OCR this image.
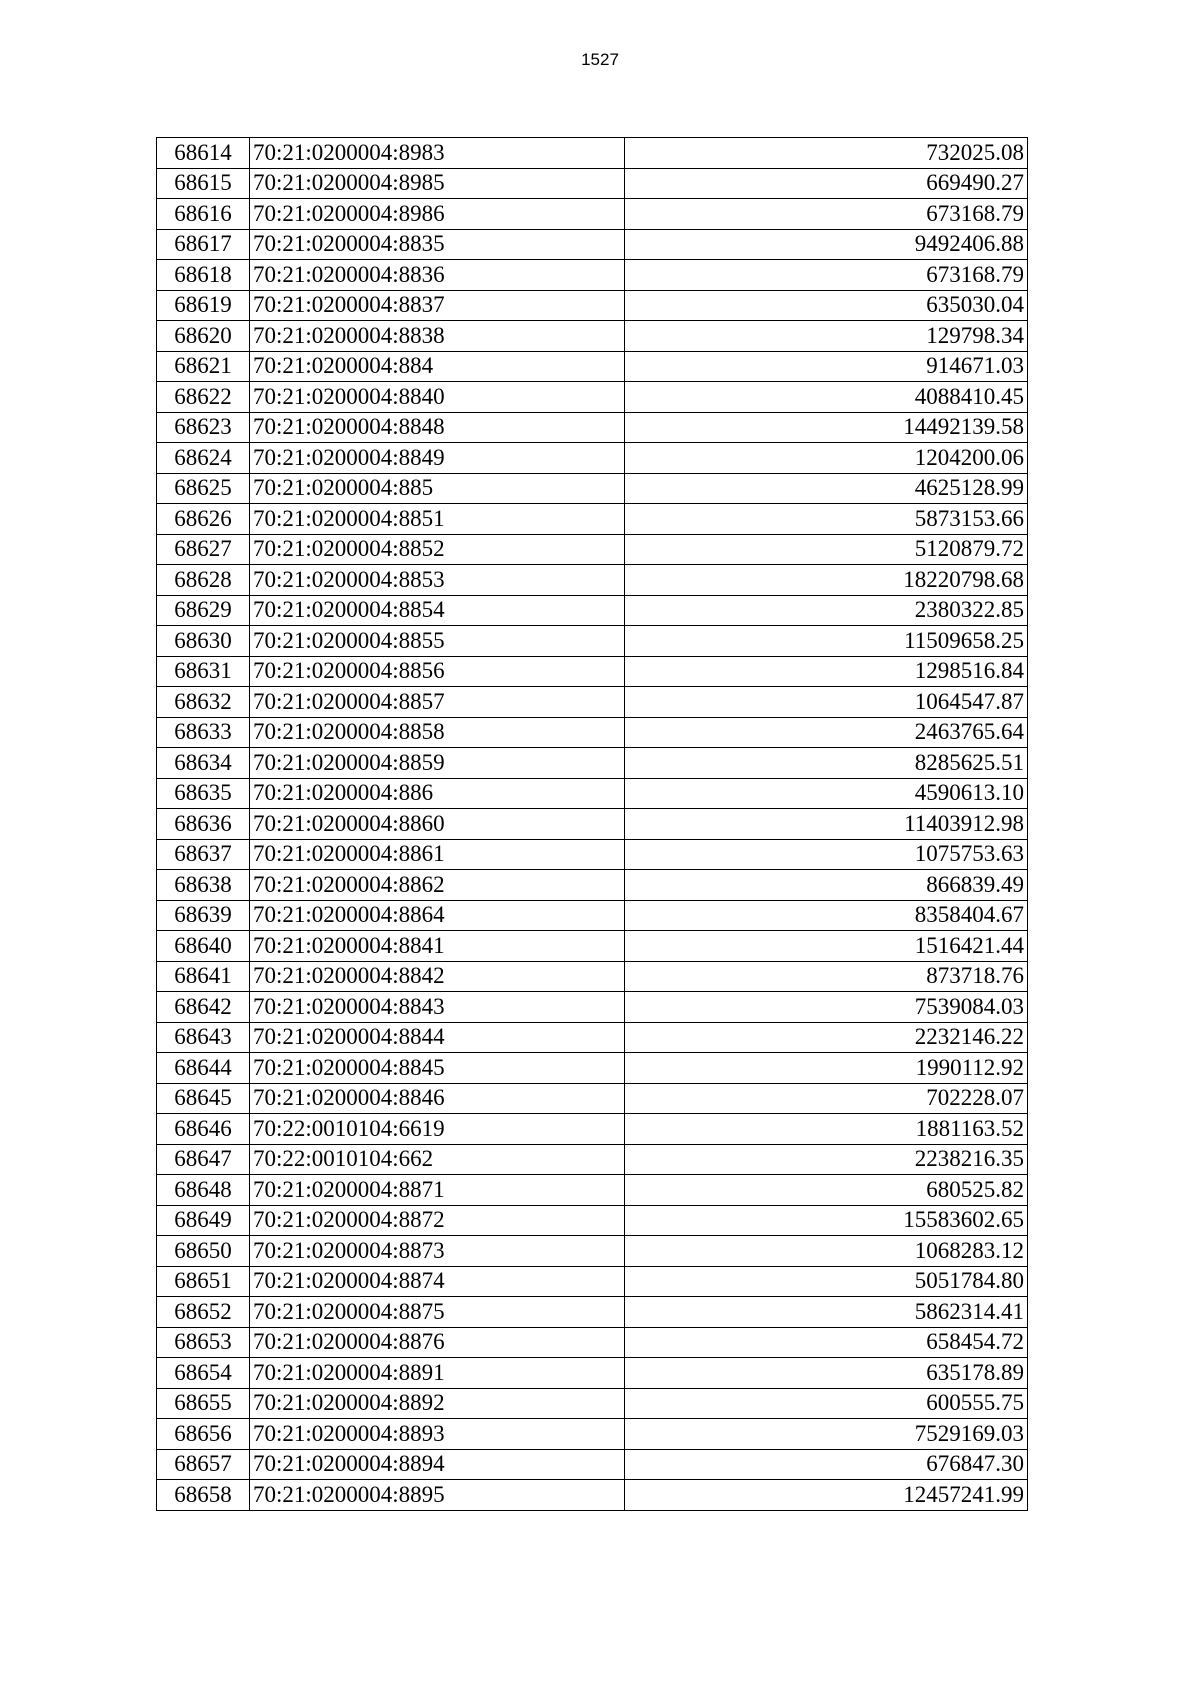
1527
68614	70:21:0200004:8983	732025.08
68615	70:21:0200004:8985	669490.27
68616	70:21:0200004:8986	673168.79
68617	70:21:0200004:8835	9492406.88
68618	70:21:0200004:8836	673168.79
68619	70:21:0200004:8837	635030.04
68620	70:21:0200004:8838	129798.34
68621	70:21:0200004:884	914671.03
68622	70:21:0200004:8840	4088410.45
68623	70:21:0200004:8848	14492139.58
68624	70:21:0200004:8849	1204200.06
68625	70:21:0200004:885	4625128.99
68626	70:21:0200004:8851	5873153.66
68627	70:21:0200004:8852	5120879.72
68628	70:21:0200004:8853	18220798.68
68629	70:21:0200004:8854	2380322.85
68630	70:21:0200004:8855	11509658.25
68631	70:21:0200004:8856	1298516.84
68632	70:21:0200004:8857	1064547.87
68633	70:21:0200004:8858	2463765.64
68634	70:21:0200004:8859	8285625.51
68635	70:21:0200004:886	4590613.10
68636	70:21:0200004:8860	11403912.98
68637	70:21:0200004:8861	1075753.63
68638	70:21:0200004:8862	866839.49
68639	70:21:0200004:8864	8358404.67
68640	70:21:0200004:8841	1516421.44
68641	70:21:0200004:8842	873718.76
68642	70:21:0200004:8843	7539084.03
68643	70:21:0200004:8844	2232146.22
68644	70:21:0200004:8845	1990112.92
68645	70:21:0200004:8846	702228.07
68646	70:22:0010104:6619	1881163.52
68647	70:22:0010104:662	2238216.35
68648	70:21:0200004:8871	680525.82
68649	70:21:0200004:8872	15583602.65
68650	70:21:0200004:8873	1068283.12
68651	70:21:0200004:8874	5051784.80
68652	70:21:0200004:8875	5862314.41
68653	70:21:0200004:8876	658454.72
68654	70:21:0200004:8891	635178.89
68655	70:21:0200004:8892	600555.75
68656	70:21:0200004:8893	7529169.03
68657	70:21:0200004:8894	676847.30
68658	70:21:0200004:8895	12457241.99
